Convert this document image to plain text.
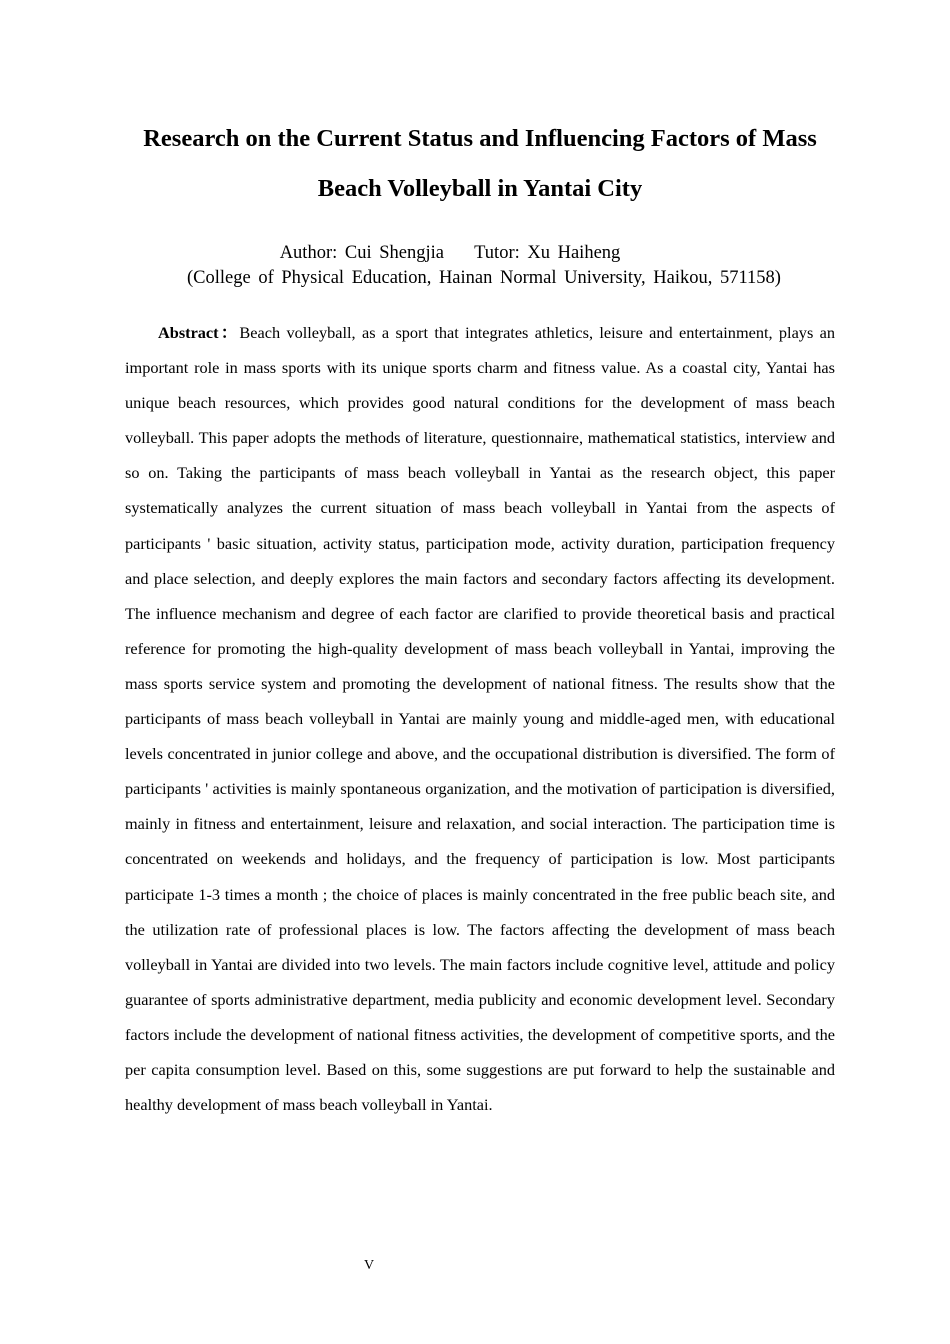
Research on the Current Status and Influencing Factors of Mass
Beach Volleyball in Yantai City
Author: Cui Shengjia Tutor: Xu Haiheng
(College of Physical Education, Hainan Normal University, Haikou, 571158)

Abstract：Beach volleyball, as a sport that integrates athletics, leisure and entertainment, plays an important role in mass sports with its unique sports charm and fitness value. As a coastal city, Yantai has unique beach resources, which provides good natural conditions for the development of mass beach volleyball. This paper adopts the methods of literature, questionnaire, mathematical statistics, interview and so on. Taking the participants of mass beach volleyball in Yantai as the research object, this paper systematically analyzes the current situation of mass beach volleyball in Yantai from the aspects of participants ' basic situation, activity status, participation mode, activity duration, participation frequency and place selection, and deeply explores the main factors and secondary factors affecting its development. The influence mechanism and degree of each factor are clarified to provide theoretical basis and practical reference for promoting the high-quality development of mass beach volleyball in Yantai, improving the mass sports service system and promoting the development of national fitness. The results show that the participants of mass beach volleyball in Yantai are mainly young and middle-aged men, with educational levels concentrated in junior college and above, and the occupational distribution is diversified. The form of participants ' activities is mainly spontaneous organization, and the motivation of participation is diversified, mainly in fitness and entertainment, leisure and relaxation, and social interaction. The participation time is concentrated on weekends and holidays, and the frequency of participation is low. Most participants participate 1-3 times a month ; the choice of places is mainly concentrated in the free public beach site, and the utilization rate of professional places is low. The factors affecting the development of mass beach volleyball in Yantai are divided into two levels. The main factors include cognitive level, attitude and policy guarantee of sports administrative department, media publicity and economic development level. Secondary factors include the development of national fitness activities, the development of competitive sports, and the per capita consumption level. Based on this, some suggestions are put forward to help the sustainable and healthy development of mass beach volleyball in Yantai.

V
